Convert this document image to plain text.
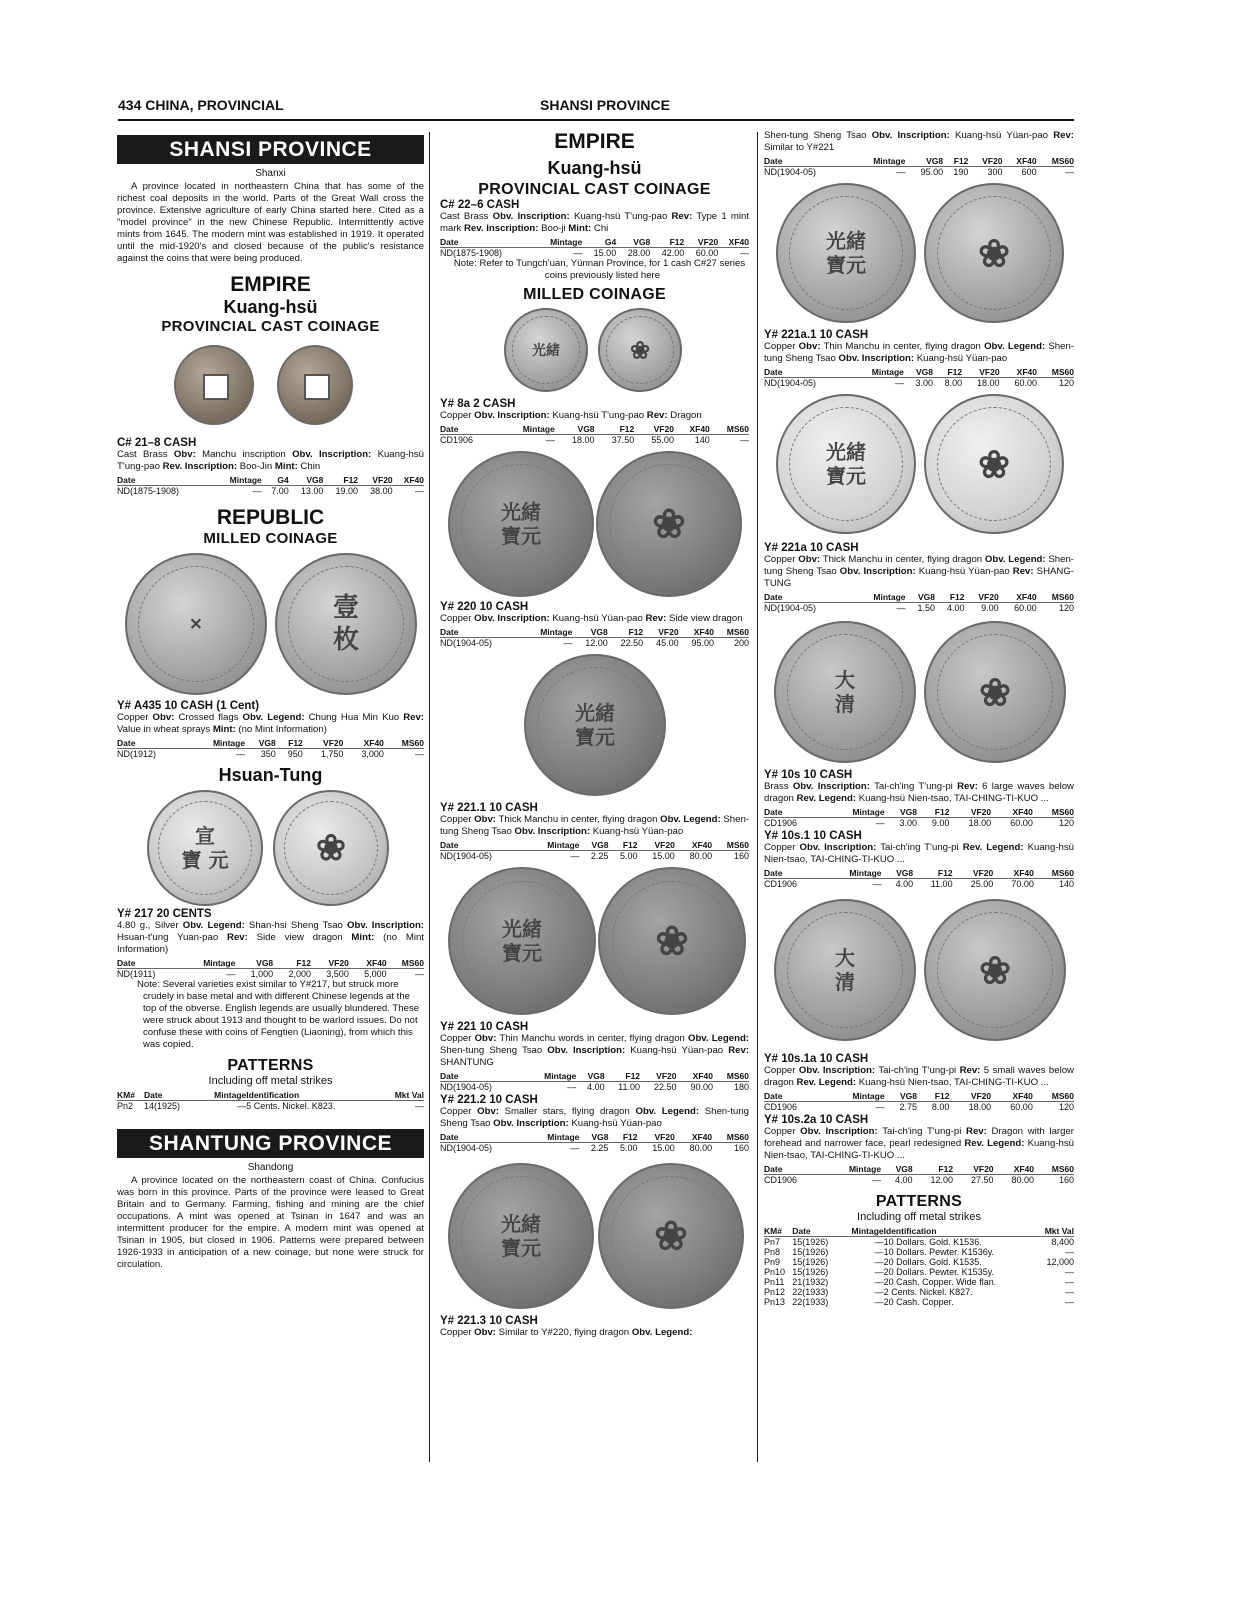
434 CHINA, PROVINCIAL	SHANSI PROVINCE
SHANSI PROVINCE
Shanxi

A province located in northeastern China that has some of the richest coal deposits in the world. Parts of the Great Wall cross the province. Extensive agriculture of early China started here. Cited as a "model province" in the new Chinese Republic. Intermittently active mints from 1645. The modern mint was established in 1919. It operated until the mid-1920's and closed because of the public's resistance against the coins that were being produced.

EMPIRE
Kuang-hsü
PROVINCIAL CAST COINAGE
C# 21–8 CASH
Cast Brass Obv: Manchu inscription Obv. Inscription: Kuang-hsü T'ung-pao Rev. Inscription: Boo-Jin Mint: Chin
Date	Mintage	G4	VG8	F12	VF20	XF40
ND(1875-1908)	—	7.00	13.00	19.00	38.00	—
REPUBLIC
MILLED COINAGE
✕
壹
枚
Y# A435 10 CASH (1 Cent)
Copper Obv: Crossed flags Obv. Legend: Chung Hua Min Kuo Rev: Value in wheat sprays Mint: (no Mint Information)
Date	Mintage	VG8	F12	VF20	XF40	MS60
ND(1912)	—	350	950	1,750	3,000	—
Hsuan-Tung
宣
寶 元	❀
Y# 217 20 CENTS
4.80 g., Silver Obv. Legend: Shan-hsi Sheng Tsao Obv. Inscription: Hsuan-t'ung Yuan-pao Rev: Side view dragon Mint: (no Mint Information)
Date	Mintage	VG8	F12	VF20	XF40	MS60
ND(1911)	—	1,000	2,000	3,500	5,000	—
Note: Several varieties exist similar to Y#217, but struck more crudely in base metal and with different Chinese legends at the top of the obverse. English legends are usually blundered. These were struck about 1913 and thought to be warlord issues. Do not confuse these with coins of Fengtien (Liaoning), from which this was copied.
PATTERNS
Including off metal strikes
KM#	Date	Mintage	Identification	Mkt Val
Pn2	14(1925)	—	5 Cents. Nickel. K823.	—
SHANTUNG PROVINCE
Shandong

A province located on the northeastern coast of China. Confucius was born in this province. Parts of the province were leased to Great Britain and to Germany. Farming, fishing and mining are the chief occupations. A mint was opened at Tsinan in 1647 and was an intermittent producer for the empire. A modern mint was opened at Tsinan in 1905, but closed in 1906. Patterns were prepared between 1926-1933 in anticipation of a new coinage, but none were struck for circulation.

EMPIRE
Kuang-hsü
PROVINCIAL CAST COINAGE
C# 22–6 CASH
Cast Brass Obv. Inscription: Kuang-hsü T'ung-pao Rev: Type 1 mint mark Rev. Inscription: Boo-ji Mint: Chi
Date	Mintage	G4	VG8	F12	VF20	XF40
ND(1875-1908)	—	15.00	28.00	42.00	60.00	—
Note: Refer to Tungch'uan, Yünnan Province, for 1 cash C#27 series coins previously listed here
MILLED COINAGE
光緒	❀
Y# 8a 2 CASH
Copper Obv. Inscription: Kuang-hsü T'ung-pao Rev: Dragon
Date	Mintage	VG8	F12	VF20	XF40	MS60
CD1906	—	18.00	37.50	55.00	140	—
光緒
寶元	❀
Y# 220 10 CASH
Copper Obv. Inscription: Kuang-hsü Yüan-pao Rev: Side view dragon
Date	Mintage	VG8	F12	VF20	XF40	MS60
ND(1904-05)	—	12.00	22.50	45.00	95.00	200
光緒
寶元
Y# 221.1 10 CASH
Copper Obv: Thick Manchu in center, flying dragon Obv. Legend: Shen-tung Sheng Tsao Obv. Inscription: Kuang-hsü Yüan-pao
Date	Mintage	VG8	F12	VF20	XF40	MS60
ND(1904-05)	—	2.25	5.00	15.00	80.00	160
光緒
寶元	❀
Y# 221 10 CASH
Copper Obv: Thin Manchu words in center, flying dragon Obv. Legend: Shen-tung Sheng Tsao Obv. Inscription: Kuang-hsü Yüan-pao Rev: SHANTUNG
Date	Mintage	VG8	F12	VF20	XF40	MS60
ND(1904-05)	—	4.00	11.00	22.50	90.00	180
Y# 221.2 10 CASH
Copper Obv: Smaller stars, flying dragon Obv. Legend: Shen-tung Sheng Tsao Obv. Inscription: Kuang-hsü Yüan-pao
Date	Mintage	VG8	F12	VF20	XF40	MS60
ND(1904-05)	—	2.25	5.00	15.00	80.00	160
光緒
寶元	❀
Y# 221.3 10 CASH
Copper Obv: Similar to Y#220, flying dragon Obv. Legend:
Shen-tung Sheng Tsao Obv. Inscription: Kuang-hsü Yüan-pao Rev: Similar to Y#221
Date	Mintage	VG8	F12	VF20	XF40	MS60
ND(1904-05)	—	95.00	190	300	600	—
光緒
寶元	❀
Y# 221a.1 10 CASH
Copper Obv: Thin Manchu in center, flying dragon Obv. Legend: Shen-tung Sheng Tsao Obv. Inscription: Kuang-hsü Yüan-pao
Date	Mintage	VG8	F12	VF20	XF40	MS60
ND(1904-05)	—	3.00	8.00	18.00	60.00	120
光緒
寶元	❀
Y# 221a 10 CASH
Copper Obv: Thick Manchu in center, flying dragon Obv. Legend: Shen-tung Sheng Tsao Obv. Inscription: Kuang-hsü Yüan-pao Rev: SHANG-TUNG
Date	Mintage	VG8	F12	VF20	XF40	MS60
ND(1904-05)	—	1.50	4.00	9.00	60.00	120
大
清	❀
Y# 10s 10 CASH
Brass Obv. Inscription: Tai-ch'ing T'ung-pi Rev: 6 large waves below dragon Rev. Legend: Kuang-hsü Nien-tsao, TAI-CHING-TI-KUO ...
Date	Mintage	VG8	F12	VF20	XF40	MS60
CD1906	—	3.00	9.00	18.00	60.00	120
Y# 10s.1 10 CASH
Copper Obv. Inscription: Tai-ch'ing T'ung-pi Rev. Legend: Kuang-hsü Nien-tsao, TAI-CHING-TI-KUO ...
Date	Mintage	VG8	F12	VF20	XF40	MS60
CD1906	—	4.00	11.00	25.00	70.00	140
大
清	❀
Y# 10s.1a 10 CASH
Copper Obv. Inscription: Tai-ch'ing T'ung-pi Rev: 5 small waves below dragon Rev. Legend: Kuang-hsü Nien-tsao, TAI-CHING-TI-KUO ...
Date	Mintage	VG8	F12	VF20	XF40	MS60
CD1906	—	2.75	8.00	18.00	60.00	120
Y# 10s.2a 10 CASH
Copper Obv. Inscription: Tai-ch'ing T'ung-pi Rev: Dragon with larger forehead and narrower face, pearl redesigned Rev. Legend: Kuang-hsü Nien-tsao, TAI-CHING-TI-KUO ...
Date	Mintage	VG8	F12	VF20	XF40	MS60
CD1906	—	4.00	12.00	27.50	80.00	160
PATTERNS
Including off metal strikes
KM#	Date	Mintage	Identification	Mkt Val
Pn7	15(1926)	—	10 Dollars. Gold. K1536.	8,400
Pn8	15(1926)	—	10 Dollars. Pewter. K1536y.	—
Pn9	15(1926)	—	20 Dollars. Gold. K1535.	12,000
Pn10	15(1926)	—	20 Dollars. Pewter. K1535y.	—
Pn11	21(1932)	—	20 Cash. Copper. Wide flan.	—
Pn12	22(1933)	—	2 Cents. Nickel. K827.	—
Pn13	22(1933)	—	20 Cash. Copper.	—
